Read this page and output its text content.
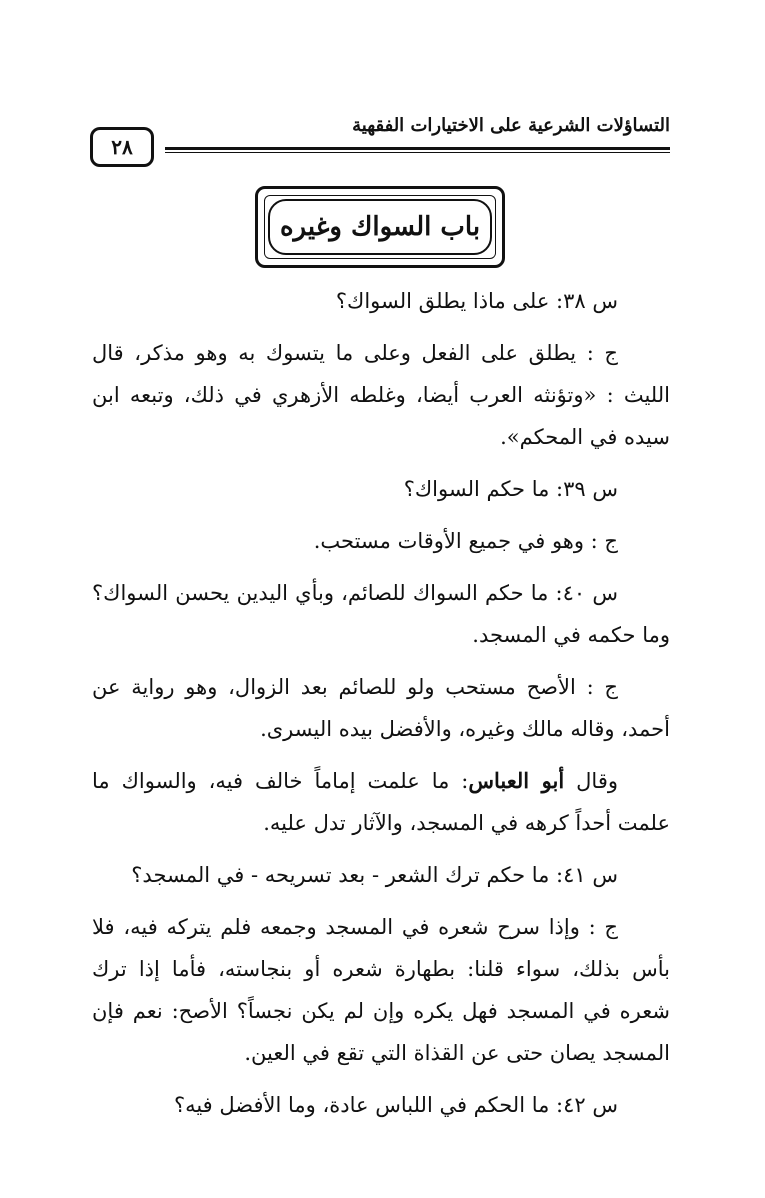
٢٨
التساؤلات الشرعية على الاختيارات الفقهية
باب السواك وغيره

س ٣٨: على ماذا يطلق السواك؟

ج : يطلق على الفعل وعلى ما يتسوك به وهو مذكر، قال الليث : «وتؤنثه العرب أيضا، وغلطه الأزهري في ذلك، وتبعه ابن سيده في المحكم».

س ٣٩: ما حكم السواك؟

ج : وهو في جميع الأوقات مستحب.

س ٤٠: ما حكم السواك للصائم، وبأي اليدين يحسن السواك؟ وما حكمه في المسجد.

ج : الأصح مستحب ولو للصائم بعد الزوال، وهو رواية عن أحمد، وقاله مالك وغيره، والأفضل بيده اليسرى.

وقال أبو العباس: ما علمت إماماً خالف فيه، والسواك ما علمت أحداً كرهه في المسجد، والآثار تدل عليه.

س ٤١: ما حكم ترك الشعر - بعد تسريحه - في المسجد؟

ج : وإذا سرح شعره في المسجد وجمعه فلم يتركه فيه، فلا بأس بذلك، سواء قلنا: بطهارة شعره أو بنجاسته، فأما إذا ترك شعره في المسجد فهل يكره وإن لم يكن نجساً؟ الأصح: نعم فإن المسجد يصان حتى عن القذاة التي تقع في العين.

س ٤٢: ما الحكم في اللباس عادة، وما الأفضل فيه؟
